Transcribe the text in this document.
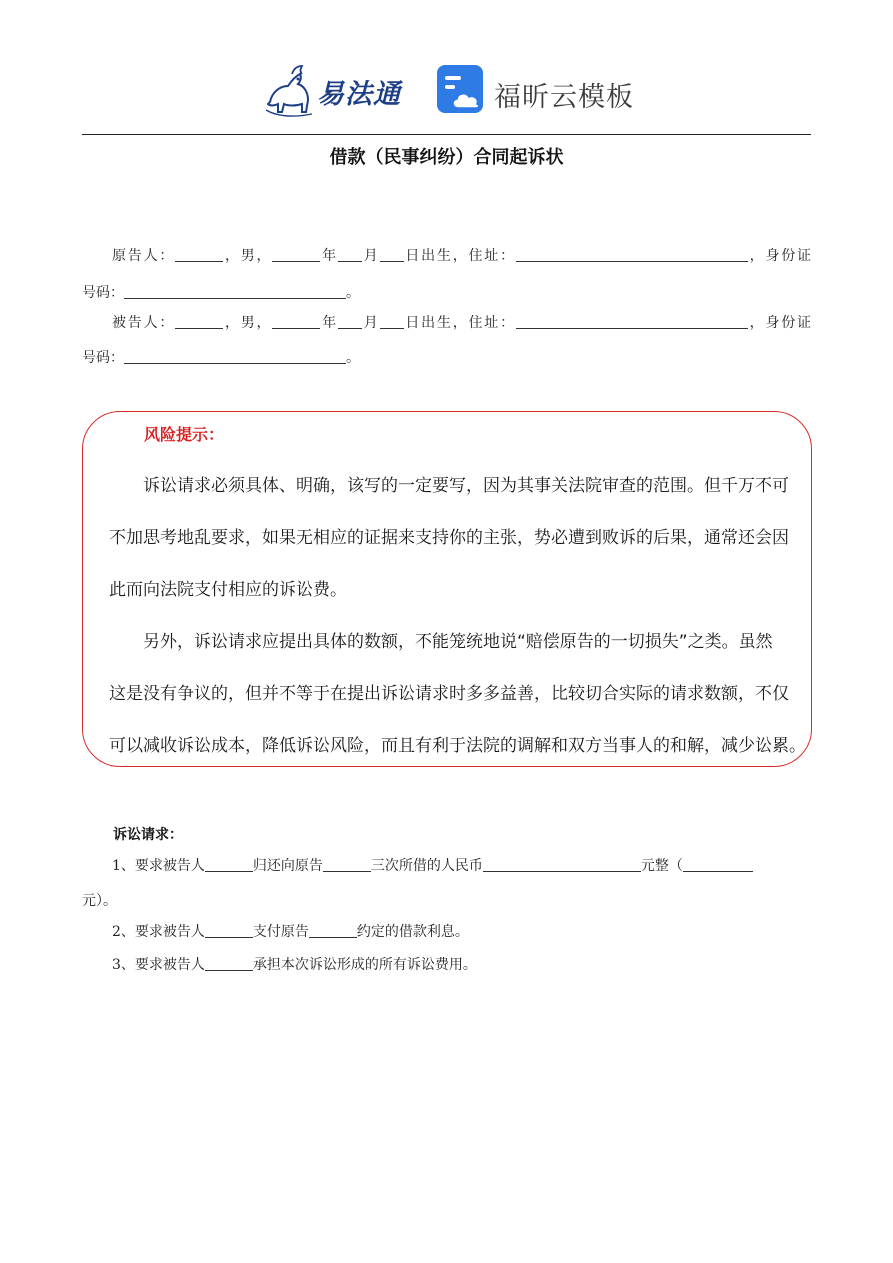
易法通	福昕云模板
借款（民事纠纷）合同起诉状
原告人：	，男，	年 月 日出生，住址：	，身份证
号码：	。
被告人：	，男，	年 月 日出生，住址：	，身份证
号码：	。
风险提示：
诉讼请求必须具体、明确，该写的一定要写，因为其事关法院审查的范围。但千万不可
不加思考地乱要求，如果无相应的证据来支持你的主张，势必遭到败诉的后果，通常还会因
此而向法院支付相应的诉讼费。
另外，诉讼请求应提出具体的数额，不能笼统地说“赔偿原告的一切损失”之类。虽然
这是没有争议的，但并不等于在提出诉讼请求时多多益善，比较切合实际的请求数额，不仅
可以减收诉讼成本，降低诉讼风险，而且有利于法院的调解和双方当事人的和解，减少讼累。
诉讼请求：
1、要求被告人	归还向原告	三次所借的人民币	元整（
元）。
2、要求被告人	支付原告	约定的借款利息。
3、要求被告人	承担本次诉讼形成的所有诉讼费用。
